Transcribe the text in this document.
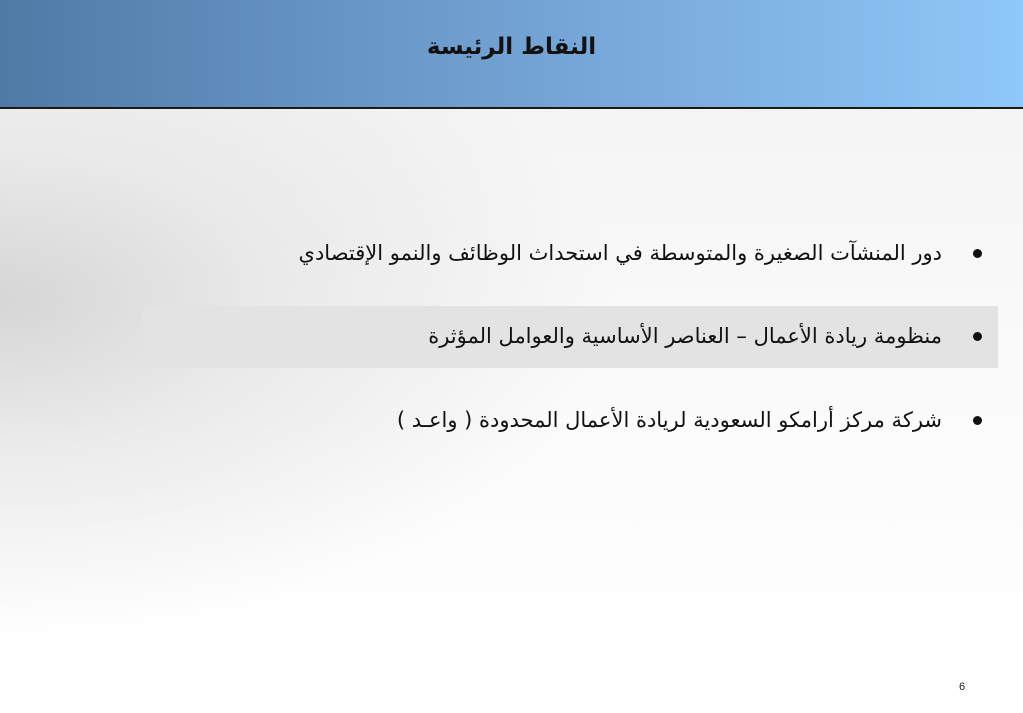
النقاط الرئيسة
دور المنشآت الصغيرة والمتوسطة في استحداث الوظائف والنمو الإقتصادي
منظومة ريادة الأعمال – العناصر الأساسية والعوامل المؤثرة
شركة مركز أرامكو السعودية لريادة الأعمال المحدودة ( واعـد )
6
